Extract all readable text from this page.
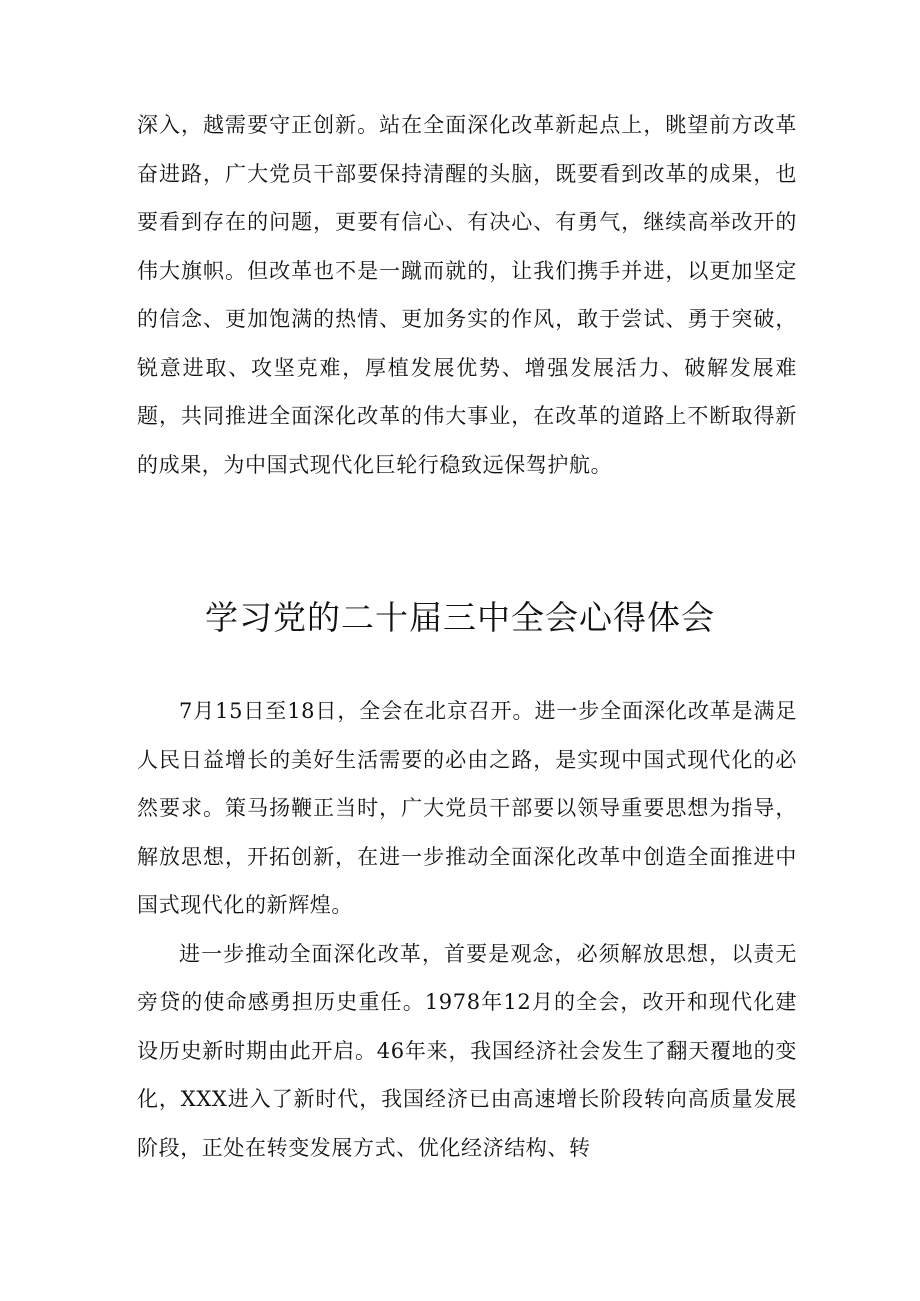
深入，越需要守正创新。站在全面深化改革新起点上，眺望前方改革奋进路，广大党员干部要保持清醒的头脑，既要看到改革的成果，也要看到存在的问题，更要有信心、有决心、有勇气，继续高举改开的伟大旗帜。但改革也不是一蹴而就的，让我们携手并进，以更加坚定的信念、更加饱满的热情、更加务实的作风，敢于尝试、勇于突破，锐意进取、攻坚克难，厚植发展优势、增强发展活力、破解发展难题，共同推进全面深化改革的伟大事业，在改革的道路上不断取得新的成果，为中国式现代化巨轮行稳致远保驾护航。

学习党的二十届三中全会心得体会

7月15日至18日，全会在北京召开。进一步全面深化改革是满足人民日益增长的美好生活需要的必由之路，是实现中国式现代化的必然要求。策马扬鞭正当时，广大党员干部要以领导重要思想为指导，解放思想，开拓创新，在进一步推动全面深化改革中创造全面推进中国式现代化的新辉煌。

进一步推动全面深化改革，首要是观念，必须解放思想，以责无旁贷的使命感勇担历史重任。1978年12月的全会，改开和现代化建设历史新时期由此开启。46年来，我国经济社会发生了翻天覆地的变化，XXX进入了新时代，我国经济已由高速增长阶段转向高质量发展阶段，正处在转变发展方式、优化经济结构、转
